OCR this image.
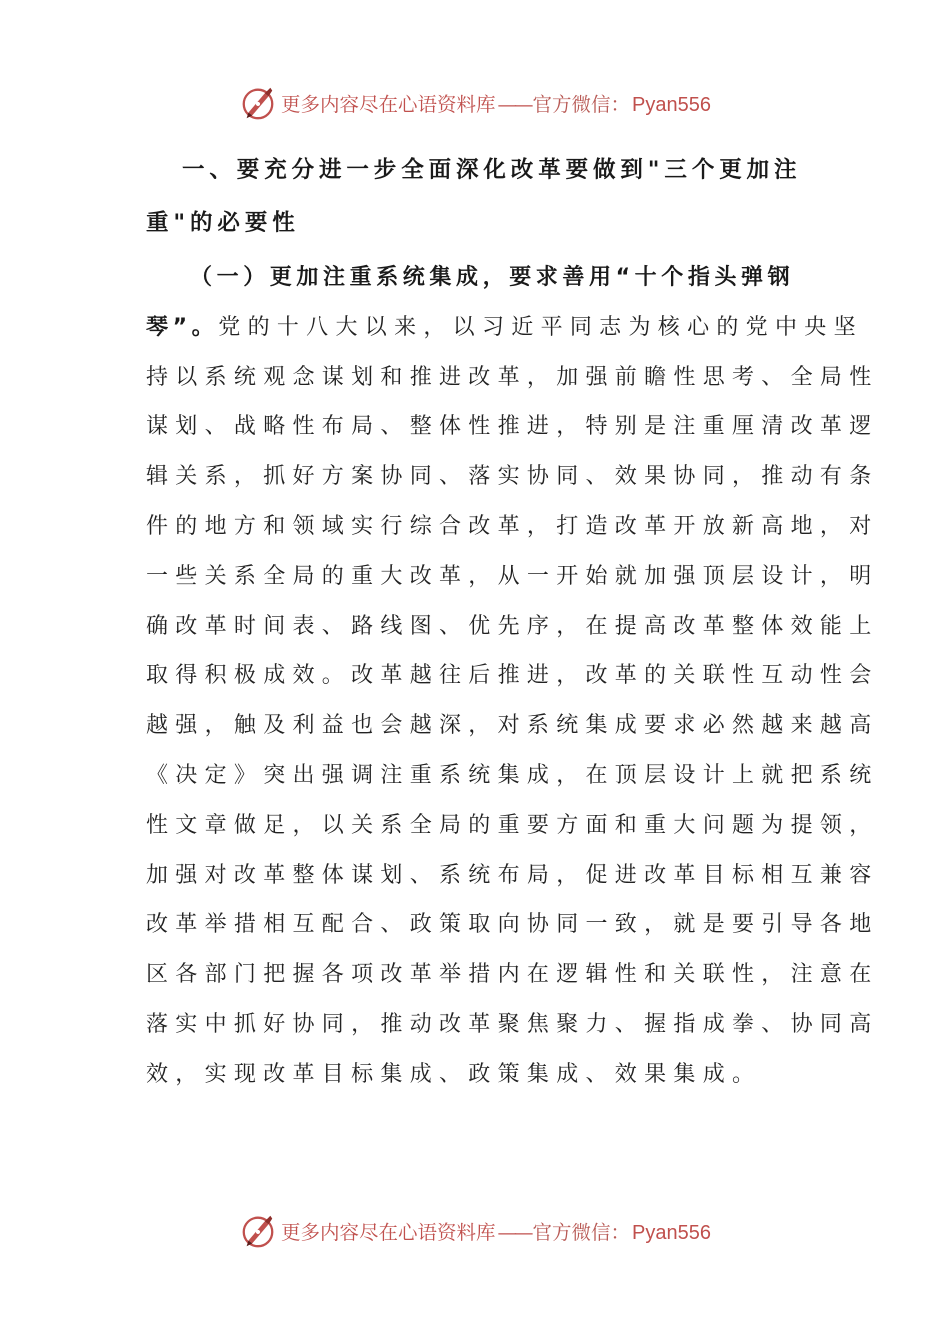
更多内容尽在心语资料库 —— 官方微信： Pyan556
一、要充分进一步全面深化改革要做到"三个更加注
重"的必要性
（一）更加注重系统集成，要求善用“十个指头弹钢
琴”。党的十八大以来，以习近平同志为核心的党中央坚
持以系统观念谋划和推进改革，加强前瞻性思考、全局性
谋划、战略性布局、整体性推进，特别是注重厘清改革逻
辑关系，抓好方案协同、落实协同、效果协同，推动有条
件的地方和领域实行综合改革，打造改革开放新高地，对
一些关系全局的重大改革，从一开始就加强顶层设计，明
确改革时间表、路线图、优先序，在提高改革整体效能上
取得积极成效。改革越往后推进，改革的关联性互动性会
越强，触及利益也会越深，对系统集成要求必然越来越高
《决定》突出强调注重系统集成，在顶层设计上就把系统
性文章做足，以关系全局的重要方面和重大问题为提领，
加强对改革整体谋划、系统布局，促进改革目标相互兼容
改革举措相互配合、政策取向协同一致，就是要引导各地
区各部门把握各项改革举措内在逻辑性和关联性，注意在
落实中抓好协同，推动改革聚焦聚力、握指成拳、协同高
效，实现改革目标集成、政策集成、效果集成。
更多内容尽在心语资料库 —— 官方微信： Pyan556
